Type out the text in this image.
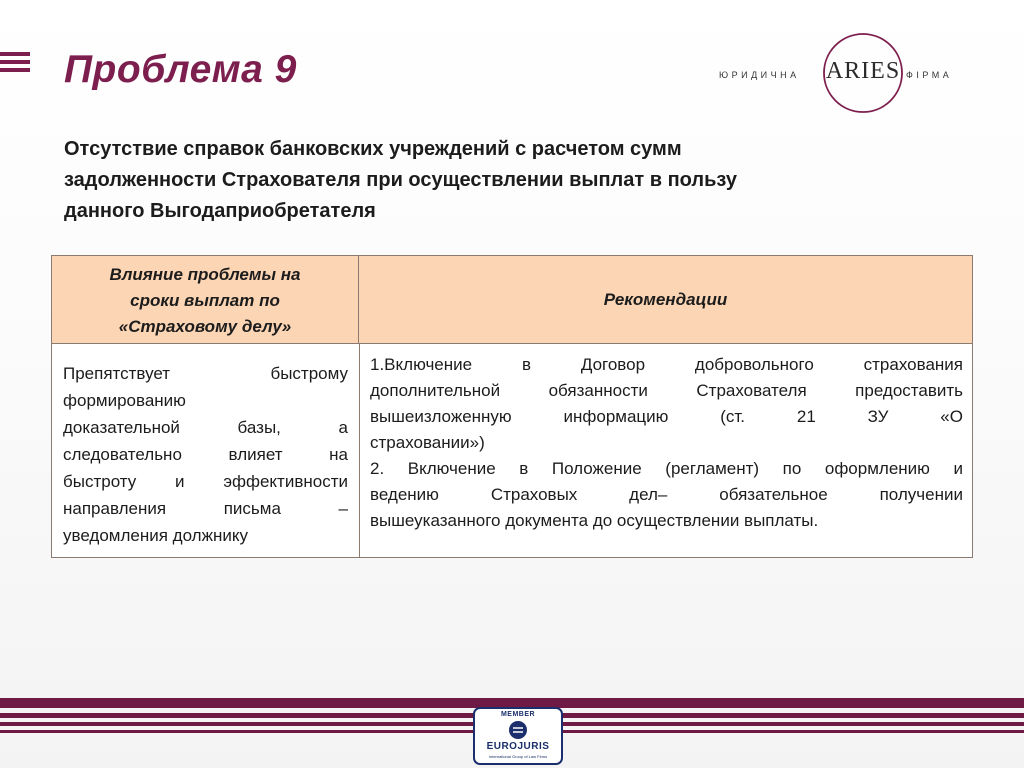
Проблема 9	ЮРИДИЧНА ARIES ФІРМА
Отсутствие справок банковских учреждений с расчетом сумм
задолженности Страхователя при осуществлении выплат в пользу
данного Выгодаприобретателя
Влияние проблемы на
сроки выплат по
«Страховому делу»
Рекомендации
Препятствует быстрому
формированию
доказательной базы, а
следовательно влияет на
быстроту и эффективности
направления письма –
уведомления должнику
1.Включение в Договор добровольного страхования
дополнительной обязанности Страхователя предоставить
вышеизложенную информацию (ст. 21 ЗУ «О
страховании»)
2. Включение в Положение (регламент) по оформлению и
ведению Страховых дел– обязательное получении
вышеуказанного документа до осуществлении выплаты.
MEMBER
EUROJURIS
International Group of Law Firms
